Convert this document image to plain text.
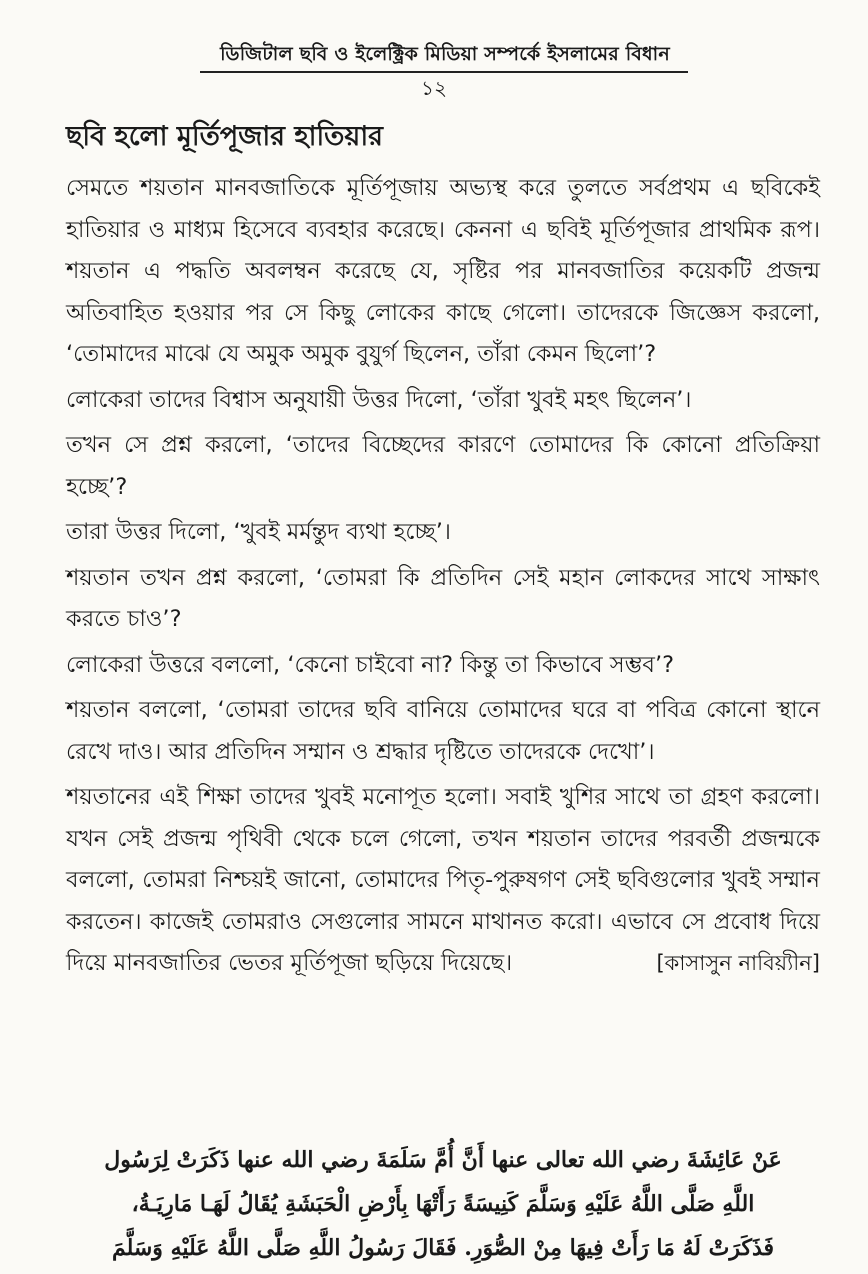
ডিজিটাল ছবি ও ইলেক্ট্রিক মিডিয়া সম্পর্কে ইসলামের বিধান
১২
ছবি হলো মূর্তিপূজার হাতিয়ার

সেমতে শয়তান মানবজাতিকে মূর্তিপূজায় অভ্যস্থ করে তুলতে সর্বপ্রথম এ ছবিকেই হাতিয়ার ও মাধ্যম হিসেবে ব্যবহার করেছে। কেননা এ ছবিই মূর্তিপূজার প্রাথমিক রূপ। শয়তান এ পদ্ধতি অবলম্বন করেছে যে, সৃষ্টির পর মানবজাতির কয়েকটি প্রজন্ম অতিবাহিত হওয়ার পর সে কিছু লোকের কাছে গেলো। তাদেরকে জিজ্ঞেস করলো, ‘তোমাদের মাঝে যে অমুক অমুক বুযুর্গ ছিলেন, তাঁরা কেমন ছিলো’?

লোকেরা তাদের বিশ্বাস অনুযায়ী উত্তর দিলো, ‘তাঁরা খুবই মহৎ ছিলেন’।

তখন সে প্রশ্ন করলো, ‘তাদের বিচ্ছেদের কারণে তোমাদের কি কোনো প্রতিক্রিয়া হচ্ছে’?

তারা উত্তর দিলো, ‘খুবই মর্মন্তুদ ব্যথা হচ্ছে’।

শয়তান তখন প্রশ্ন করলো, ‘তোমরা কি প্রতিদিন সেই মহান লোকদের সাথে সাক্ষাৎ করতে চাও’?

লোকেরা উত্তরে বললো, ‘কেনো চাইবো না? কিন্তু তা কিভাবে সম্ভব’?

শয়তান বললো, ‘তোমরা তাদের ছবি বানিয়ে তোমাদের ঘরে বা পবিত্র কোনো স্থানে রেখে দাও। আর প্রতিদিন সম্মান ও শ্রদ্ধার দৃষ্টিতে তাদেরকে দেখো’।

শয়তানের এই শিক্ষা তাদের খুবই মনোপূত হলো। সবাই খুশির সাথে তা গ্রহণ করলো। যখন সেই প্রজন্ম পৃথিবী থেকে চলে গেলো, তখন শয়তান তাদের পরবর্তী প্রজন্মকে বললো, তোমরা নিশ্চয়ই জানো, তোমাদের পিতৃ-পুরুষগণ সেই ছবিগুলোর খুবই সম্মান করতেন। কাজেই তোমরাও সেগুলোর সামনে মাথানত করো। এভাবে সে প্রবোধ দিয়ে দিয়ে মানবজাতির ভেতর মূর্তিপূজা ছড়িয়ে দিয়েছে।	[কাসাসুন নাবিয়্যীন]

عَنْ عَائِشَةَ رضي الله تعالى عنها أَنَّ أُمَّ سَلَمَةَ رضي الله عنها ذَكَرَتْ لِرَسُول
اللَّهِ صَلَّى اللَّهُ عَلَيْهِ وَسَلَّمَ كَنِيسَةً رَأَتْهَا بِأَرْضِ الْحَبَشَةِ يُقَالُ لَهَـا مَارِيَـةُ،
فَذَكَرَتْ لَهُ مَا رَأَتْ فِيهَا مِنْ الصُّوَرِ. فَقَالَ رَسُولُ اللَّهِ صَلَّى اللَّهُ عَلَيْهِ وَسَلَّمَ
